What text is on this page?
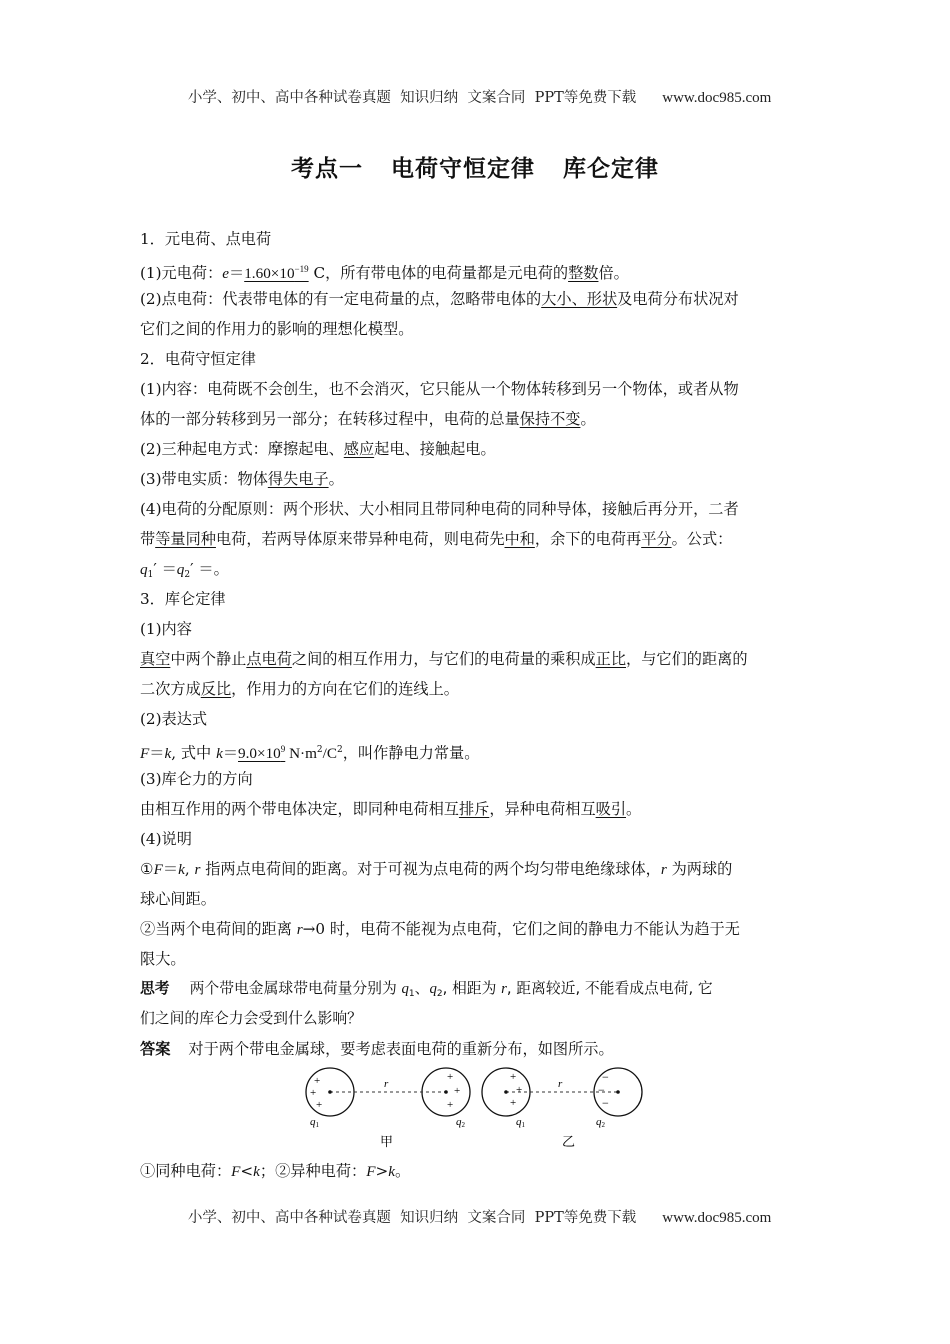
小学、初中、高中各种试卷真题  知识归纳  文案合同  PPT等免费下载 www.doc985.com

考点一 电荷守恒定律 库仑定律
1．元电荷、点电荷
(1)元电荷：$e=1.60\times 10^{-19}$ C，所有带电体的电荷量都是元电荷的整数倍。
(2)点电荷：代表带电体的有一定电荷量的点，忽略带电体的大小、形状及电荷分布状况对
它们之间的作用力的影响的理想化模型。
2．电荷守恒定律
(1)内容：电荷既不会创生，也不会消灭，它只能从一个物体转移到另一个物体，或者从物
体的一部分转移到另一部分；在转移过程中，电荷的总量保持不变。
(2)三种起电方式：摩擦起电、感应起电、接触起电。
(3)带电实质：物体得失电子。
(4)电荷的分配原则：两个形状、大小相同且带同种电荷的同种导体，接触后再分开，二者
带等量同种电荷，若两导体原来带异种电荷，则电荷先中和，余下的电荷再平分。公式：
$q_1' =q_2'$ ＝。
3．库仑定律
(1)内容
真空中两个静止点电荷之间的相互作用力，与它们的电荷量的乘积成正比，与它们的距离的
二次方成反比，作用力的方向在它们的连线上。
(2)表达式
F＝k, 式中 $k=9.0\times 10^9$ $N\cdot m^2/C^2$，叫作静电力常量。
(3)库仑力的方向
由相互作用的两个带电体决定，即同种电荷相互排斥，异种电荷相互吸引。
(4)说明
①F＝k, r 指两点电荷间的距离。对于可视为点电荷的两个均匀带电绝缘球体，r 为两球的
球心间距。
②当两个电荷间的距离 r→0 时，电荷不能视为点电荷，它们之间的静电力不能认为趋于无
限大。
思考 两个带电金属球带电荷量分别为 $q_1$、$q_2$, 相距为 r, 距离较近, 不能看成点电荷, 它
们之间的库仑力会受到什么影响？
答案 对于两个带电金属球，要考虑表面电荷的重新分布，如图所示。
+
+
+
+
+
+
r
q1	q2
甲
+
+
+
−
−
−
r
q1	q2
乙
①同种电荷：F<k；②异种电荷：F>k。

小学、初中、高中各种试卷真题  知识归纳  文案合同  PPT等免费下载 www.doc985.com
